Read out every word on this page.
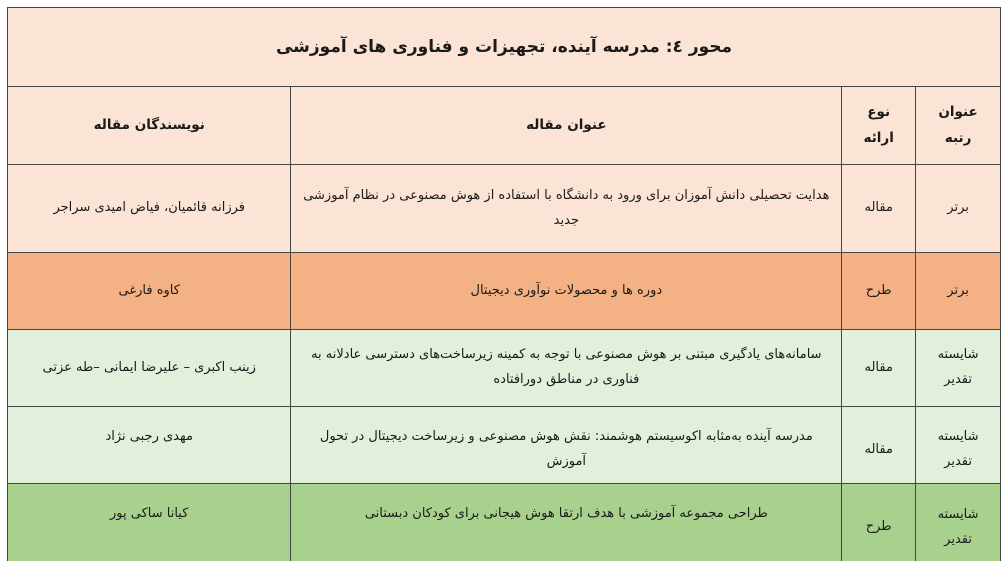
محور ٤: مدرسه آینده، تجهیزات و فناوری های آموزشی
عنوان رتبه
نوع ارائه
عنوان مقاله
نویسندگان مقاله
برتر
مقاله
هدایت تحصیلی دانش آموزان برای ورود به دانشگاه با استفاده از هوش مصنوعی در نظام آموزشی جدید
فرزانه قائمیان، فیاض امیدی سراجر
برتر
طرح
دوره ها و محصولات نوآوری دیجیتال
کاوه فارغی
شایسته تقدیر
مقاله
سامانه‌های یادگیری مبتنی بر هوش مصنوعی با توجه به کمینه زیرساخت‌های دسترسی عادلانه به فناوری در مناطق دورافتاده
زینب اکبری – علیرضا ایمانی –طه عزتی
شایسته تقدیر
مقاله
مدرسه آینده به‌مثابه اکوسیستم هوشمند: نقش هوش مصنوعی و زیرساخت دیجیتال در تحول آموزش
مهدی رجبی نژاد
شایسته تقدیر
طرح
طراحی مجموعه آموزشی با هدف ارتقا هوش هیجانی برای کودکان دبستانی
کیانا ساکی پور
